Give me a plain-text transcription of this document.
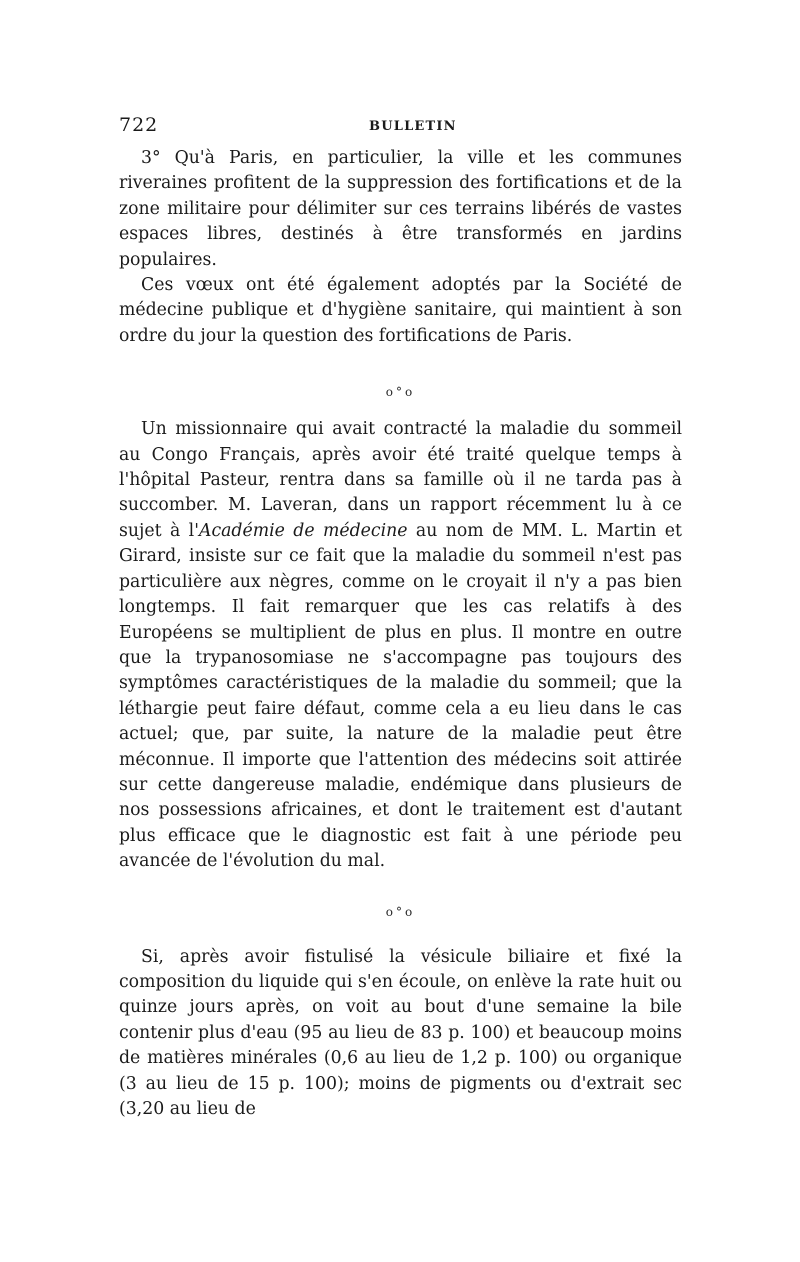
722	BULLETIN

3° Qu'à Paris, en particulier, la ville et les communes riveraines profitent de la suppression des fortifications et de la zone militaire pour délimiter sur ces terrains libérés de vastes espaces libres, destinés à être transformés en jardins populaires.

Ces vœux ont été également adoptés par la Société de médecine publique et d'hygiène sanitaire, qui maintient à son ordre du jour la question des fortifications de Paris.

o°o

Un missionnaire qui avait contracté la maladie du sommeil au Congo Français, après avoir été traité quelque temps à l'hôpital Pasteur, rentra dans sa famille où il ne tarda pas à succomber. M. Laveran, dans un rapport récemment lu à ce sujet à l'Académie de médecine au nom de MM. L. Martin et Girard, insiste sur ce fait que la maladie du sommeil n'est pas particulière aux nègres, comme on le croyait il n'y a pas bien longtemps. Il fait remarquer que les cas relatifs à des Européens se multiplient de plus en plus. Il montre en outre que la trypanosomiase ne s'accompagne pas toujours des symptômes caractéristiques de la maladie du sommeil; que la léthargie peut faire défaut, comme cela a eu lieu dans le cas actuel; que, par suite, la nature de la maladie peut être méconnue. Il importe que l'attention des médecins soit attirée sur cette dangereuse maladie, endémique dans plusieurs de nos possessions africaines, et dont le traitement est d'autant plus efficace que le diagnostic est fait à une période peu avancée de l'évolution du mal.

o°o

Si, après avoir fistulisé la vésicule biliaire et fixé la composition du liquide qui s'en écoule, on enlève la rate huit ou quinze jours après, on voit au bout d'une semaine la bile contenir plus d'eau (95 au lieu de 83 p. 100) et beaucoup moins de matières minérales (0,6 au lieu de 1,2 p. 100) ou organique (3 au lieu de 15 p. 100); moins de pigments ou d'extrait sec (3,20 au lieu de
